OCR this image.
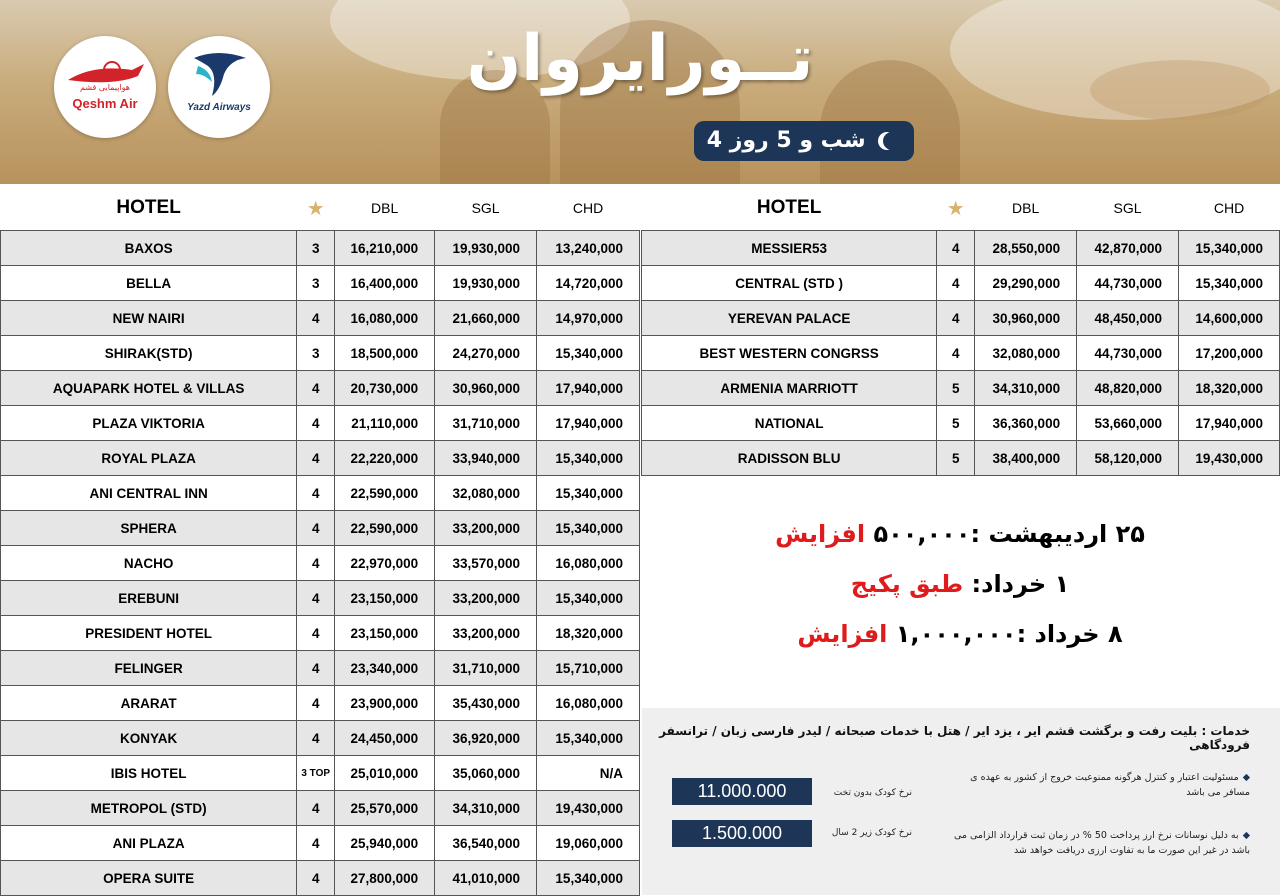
هواپیمایی قشم
Qeshm Air	Yazd Airways
تــورایروان
4 شب و 5 روز
HOTEL	★	DBL	SGL	CHD
BAXOS	3	16,210,000	19,930,000	13,240,000
BELLA	3	16,400,000	19,930,000	14,720,000
NEW NAIRI	4	16,080,000	21,660,000	14,970,000
SHIRAK(STD)	3	18,500,000	24,270,000	15,340,000
AQUAPARK HOTEL & VILLAS	4	20,730,000	30,960,000	17,940,000
PLAZA VIKTORIA	4	21,110,000	31,710,000	17,940,000
ROYAL PLAZA	4	22,220,000	33,940,000	15,340,000
ANI CENTRAL INN	4	22,590,000	32,080,000	15,340,000
SPHERA	4	22,590,000	33,200,000	15,340,000
NACHO	4	22,970,000	33,570,000	16,080,000
EREBUNI	4	23,150,000	33,200,000	15,340,000
PRESIDENT HOTEL	4	23,150,000	33,200,000	18,320,000
FELINGER	4	23,340,000	31,710,000	15,710,000
ARARAT	4	23,900,000	35,430,000	16,080,000
KONYAK	4	24,450,000	36,920,000	15,340,000
IBIS HOTEL	3 TOP	25,010,000	35,060,000	N/A
METROPOL (STD)	4	25,570,000	34,310,000	19,430,000
ANI PLAZA	4	25,940,000	36,540,000	19,060,000
OPERA SUITE	4	27,800,000	41,010,000	15,340,000
HOTEL	★	DBL	SGL	CHD
MESSIER53	4	28,550,000	42,870,000	15,340,000
CENTRAL (STD )	4	29,290,000	44,730,000	15,340,000
YEREVAN PALACE	4	30,960,000	48,450,000	14,600,000
BEST WESTERN CONGRSS	4	32,080,000	44,730,000	17,200,000
ARMENIA MARRIOTT	5	34,310,000	48,820,000	18,320,000
NATIONAL	5	36,360,000	53,660,000	17,940,000
RADISSON BLU	5	38,400,000	58,120,000	19,430,000
۲۵ اردیبهشت :۵۰۰,۰۰۰ افزایش
۱ خرداد: طبق پکیج
۸ خرداد :۱,۰۰۰,۰۰۰ افزایش
خدمات : بلیت رفت و برگشت قشم ایر ، یزد ایر / هتل با خدمات صبحانه / لیدر فارسی زبان / ترانسفر فرودگاهی
11.000.000	نرخ کودک بدون تخت
1.500.000	نرخ کودک زیر 2 سال
◆مسئولیت اعتبار و کنترل هرگونه ممنوعیت خروج از کشور به عهده ی مسافر می باشد
◆به دلیل نوسانات نرخ ارز پرداخت 50 % در زمان ثبت قرارداد الزامی می باشد در غیر این صورت ما به تفاوت ارزی دریافت خواهد شد
